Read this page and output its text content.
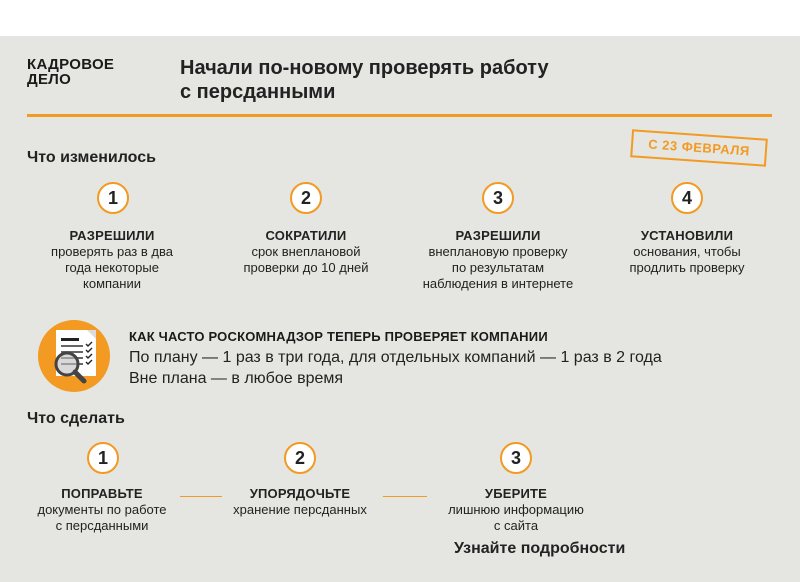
КАДРОВОЕ
ДЕЛО
Начали по-новому проверять работу
с персданными
Что изменилось	С 23 ФЕВРАЛЯ
1
РАЗРЕШИЛИ
проверять раз в два
года некоторые
компании
2
СОКРАТИЛИ
срок внеплановой
проверки до 10 дней
3
РАЗРЕШИЛИ
внеплановую проверку
по результатам
наблюдения в интернете
4
УСТАНОВИЛИ
основания, чтобы
продлить проверку
КАК ЧАСТО РОСКОМНАДЗОР ТЕПЕРЬ ПРОВЕРЯЕТ КОМПАНИИ
По плану — 1 раз в три года, для отдельных компаний — 1 раз в 2 года
Вне плана — в любое время
Что сделать
1
ПОПРАВЬТЕ
документы по работе
с персданными
2
УПОРЯДОЧЬТЕ
хранение персданных
3
УБЕРИТЕ
лишнюю информацию
с сайта
Узнайте подробности
